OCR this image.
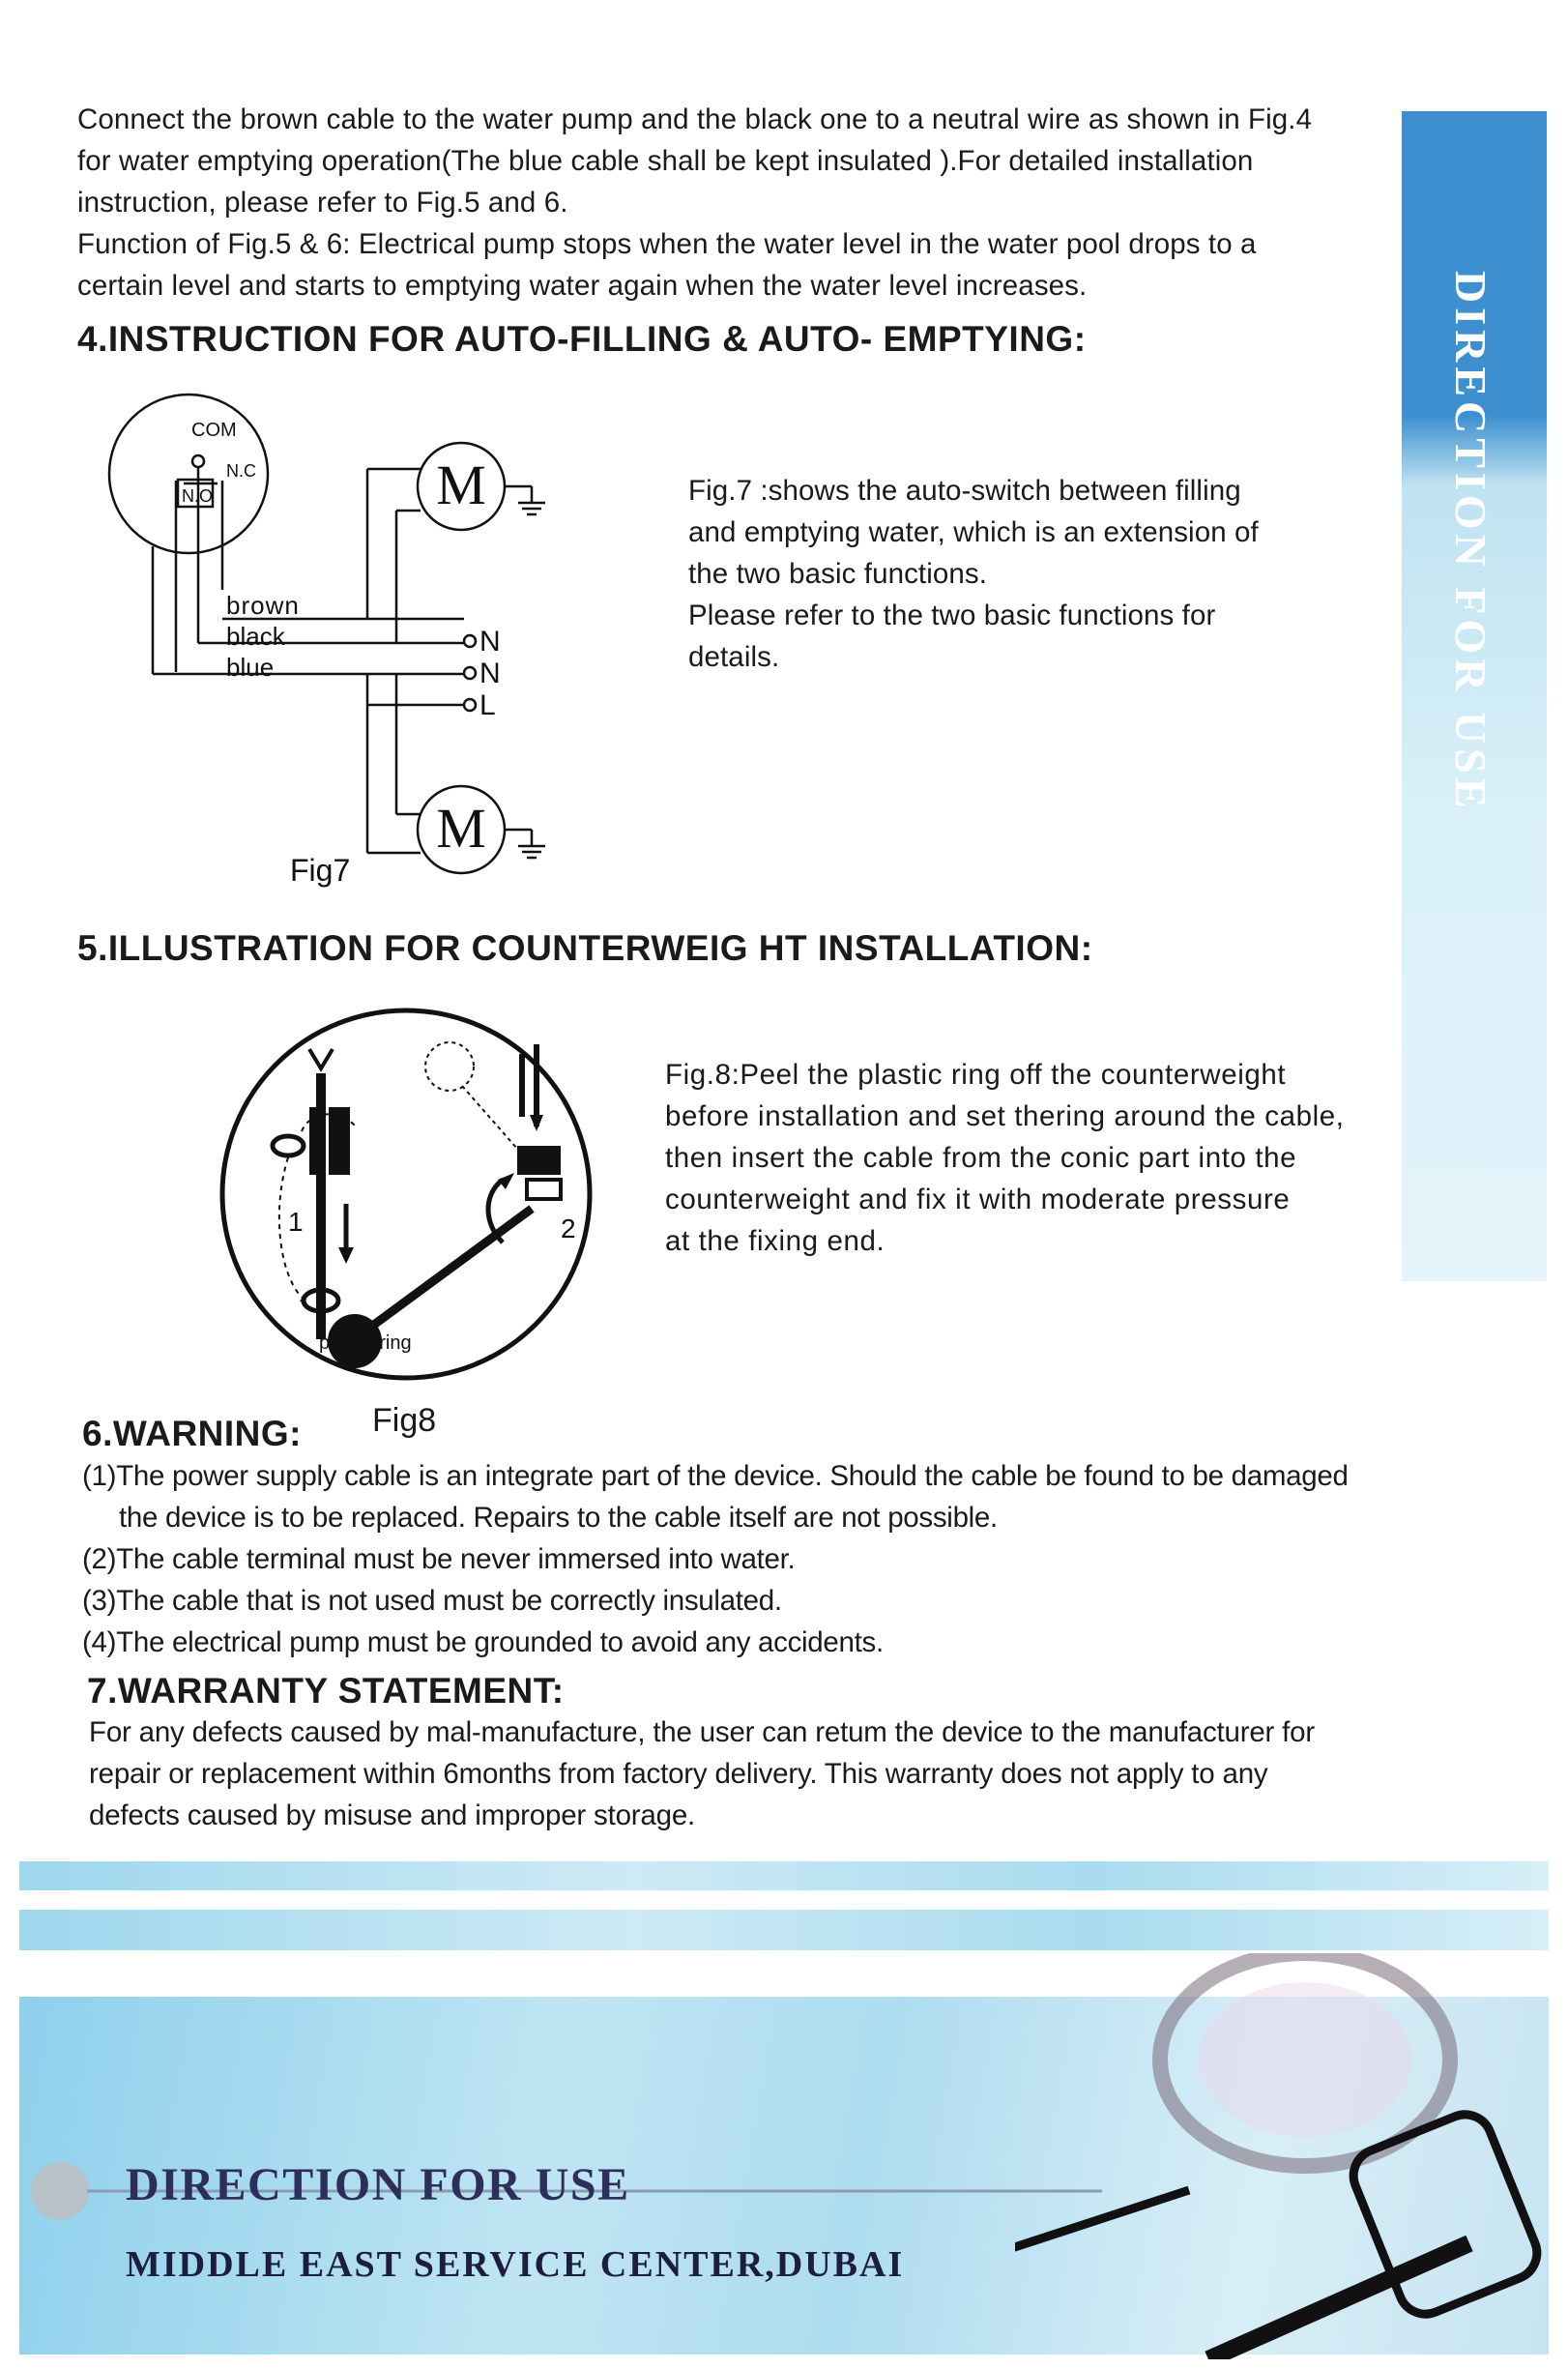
DIRECTION FOR USE
Connect the brown cable to the water pump and the black one to a neutral wire as shown in Fig.4
for water emptying operation(The blue cable shall be kept insulated ).For detailed installation
instruction, please refer to Fig.5 and 6.
Function of Fig.5 & 6: Electrical pump stops when the water level in the water pool drops to a
certain level and starts to emptying water again when the water level increases.
4.INSTRUCTION FOR AUTO-FILLING & AUTO- EMPTYING:
COM
N.C
N.O
brown
black
blue
N
N
L
M
M
Fig7
Fig.7 :shows the auto-switch between filling
and emptying water, which is an extension of
the two basic functions.
Please refer to the two basic functions for
details.
5.ILLUSTRATION FOR COUNTERWEIG HT INSTALLATION:
1	2
plastic ring
Fig8
Fig.8:Peel the plastic ring off the counterweight
before installation and set thering around the cable,
then insert the cable from the conic part into the
counterweight and fix it with moderate pressure
at the fixing end.
6.WARNING:
(1)The power supply cable is an integrate part of the device. Should the cable be found to be damaged
the device is to be replaced. Repairs to the cable itself are not possible.
(2)The cable terminal must be never immersed into water.
(3)The cable that is not used must be correctly insulated.
(4)The electrical pump must be grounded to avoid any accidents.
7.WARRANTY STATEMENT:
For any defects caused by mal-manufacture, the user can retum the device to the manufacturer for
repair or replacement within 6months from factory delivery. This warranty does not apply to any
defects caused by misuse and improper storage.
DIRECTION FOR USE
MIDDLE EAST SERVICE CENTER,DUBAI
